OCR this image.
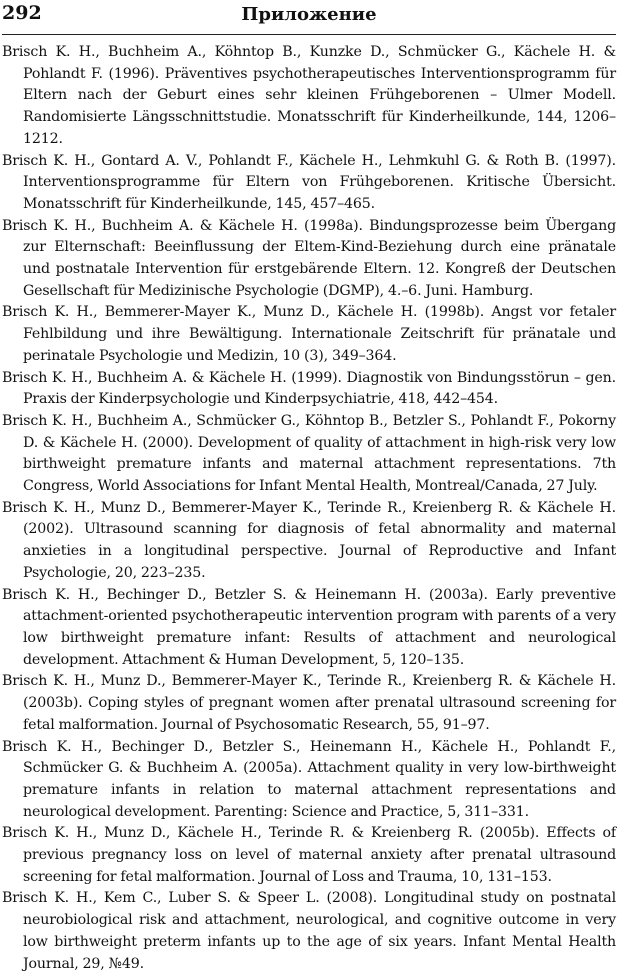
292	Приложение
Brisch K. H., Buchheim A., Köhntop B., Kunzke D., Schmücker G., Kächele H. & Pohlandt F. (1996). Präventives psychotherapeutisches Interventionsprogramm für Eltern nach der Geburt eines sehr kleinen Frühgeborenen – Ulmer Modell. Randomisierte Längsschnittstudie. Monatsschrift für Kinderheilkunde, 144, 1206–1212.
Brisch K. H., Gontard A. V., Pohlandt F., Kächele H., Lehmkuhl G. & Roth B. (1997). Interventionsprogramme für Eltern von Frühgeborenen. Kritische Übersicht. Monatsschrift für Kinderheilkunde, 145, 457–465.
Brisch K. H., Buchheim A. & Kächele H. (1998a). Bindungsprozesse beim Übergang zur Elternschaft: Beeinflussung der Eltem-Kind-Beziehung durch eine pränatale und postnatale Intervention für erstgebärende Eltern. 12. Kongreß der Deutschen Gesellschaft für Medizinische Psychologie (DGMP), 4.–6. Juni. Hamburg.
Brisch K. H., Bemmerer-Mayer K., Munz D., Kächele H. (1998b). Angst vor fetaler Fehlbildung und ihre Bewältigung. Internationale Zeitschrift für pränatale und perinatale Psychologie und Medizin, 10 (3), 349–364.
Brisch K. H., Buchheim A. & Kächele H. (1999). Diagnostik von Bindungsstörun – gen. Praxis der Kinderpsychologie und Kinderpsychiatrie, 418, 442–454.
Brisch K. H., Buchheim A., Schmücker G., Köhntop B., Betzler S., Pohlandt F., Pokorny D. & Kächele H. (2000). Development of quality of attachment in high-risk very low birthweight premature infants and maternal attachment representations. 7th Congress, World Associations for Infant Mental Health, Montreal/Canada, 27 July.
Brisch K. H., Munz D., Bemmerer-Mayer K., Terinde R., Kreienberg R. & Kächele H. (2002). Ultrasound scanning for diagnosis of fetal abnormality and maternal anxieties in a longitudinal perspective. Journal of Reproductive and Infant Psychologie, 20, 223–235.
Brisch K. H., Bechinger D., Betzler S. & Heinemann H. (2003a). Early preventive attachment-oriented psychotherapeutic intervention program with parents of a very low birthweight premature infant: Results of attachment and neurological development. Attachment & Human Development, 5, 120–135.
Brisch K. H., Munz D., Bemmerer-Mayer K., Terinde R., Kreienberg R. & Kächele H. (2003b). Coping styles of pregnant women after prenatal ultrasound screening for fetal malformation. Journal of Psychosomatic Research, 55, 91–97.
Brisch K. H., Bechinger D., Betzler S., Heinemann H., Kächele H., Pohlandt F., Schmücker G. & Buchheim A. (2005a). Attachment quality in very low-birthweight premature infants in relation to maternal attachment representations and neurological development. Parenting: Science and Practice, 5, 311–331.
Brisch K. H., Munz D., Kächele H., Terinde R. & Kreienberg R. (2005b). Effects of previous pregnancy loss on level of maternal anxiety after prenatal ultrasound screening for fetal malformation. Journal of Loss and Trauma, 10, 131–153.
Brisch K. H., Kem C., Luber S. & Speer L. (2008). Longitudinal study on postnatal neurobiological risk and attachment, neurological, and cognitive outcome in very low birthweight preterm infants up to the age of six years. Infant Mental Health Journal, 29, №49.
